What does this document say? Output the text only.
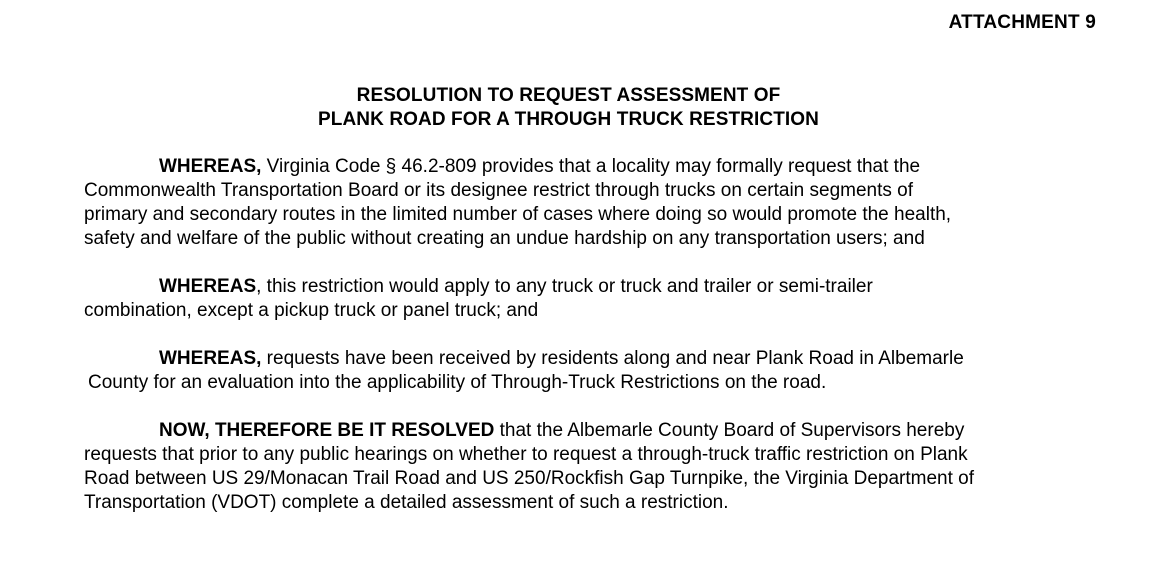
ATTACHMENT 9
RESOLUTION TO REQUEST ASSESSMENT OF
PLANK ROAD FOR A THROUGH TRUCK RESTRICTION
WHEREAS, Virginia Code § 46.2-809 provides that a locality may formally request that the
Commonwealth Transportation Board or its designee restrict through trucks on certain segments of
primary and secondary routes in the limited number of cases where doing so would promote the health,
safety and welfare of the public without creating an undue hardship on any transportation users; and
WHEREAS, this restriction would apply to any truck or truck and trailer or semi-trailer
combination, except a pickup truck or panel truck; and
WHEREAS, requests have been received by residents along and near Plank Road in Albemarle
County for an evaluation into the applicability of Through-Truck Restrictions on the road.
NOW, THEREFORE BE IT RESOLVED that the Albemarle County Board of Supervisors hereby
requests that prior to any public hearings on whether to request a through-truck traffic restriction on Plank
Road between US 29/Monacan Trail Road and US 250/Rockfish Gap Turnpike, the Virginia Department of
Transportation (VDOT) complete a detailed assessment of such a restriction.
